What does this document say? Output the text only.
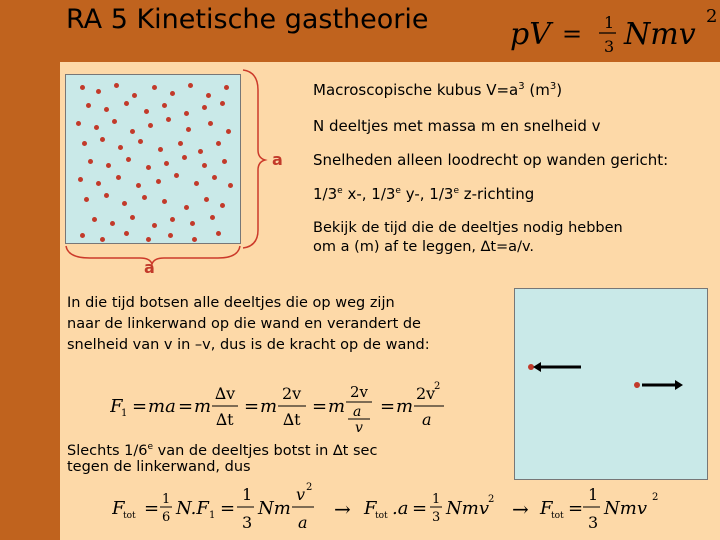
RA 5 Kinetische gastheorie	pV = 1
3 Nmv
2
a
a
Macroscopische kubus $V=a^3$ $(m^3)$
N deeltjes met massa m en snelheid v
Snelheden alleen loodrecht op wanden gericht:
1/3e x-, 1/3e y-, 1/3e z-richting
Bekijk de tijd die de deeltjes nodig hebben
om a (m) af te leggen, ∆t=a/v.
In die tijd botsen alle deeltjes die op weg zijn
naar de linkerwand op die wand en verandert de
snelheid van v in –v, dus is de kracht op de wand:
F
1 = ma = m
∆v
∆t
= m
2v
∆t
= m
2v
a
v
= m
2v
2
a
Slechts 1/6e van de deeltjes botst in ∆t sec
tegen de linkerwand, dus
F
tot = 1
6 N.F 1 =
1
3
Nm
v 2
a
→ F
tot .a = 1
3 Nmv 2 → F
tot =
1
3
Nmv
2
